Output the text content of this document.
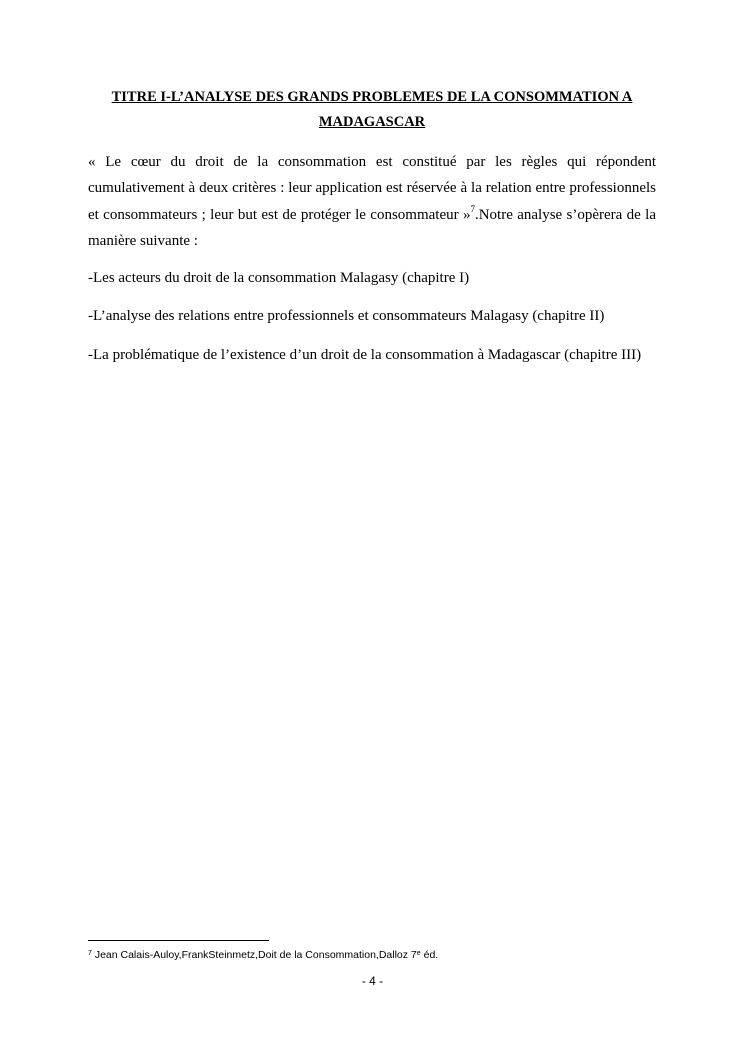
TITRE I-L’ANALYSE DES GRANDS PROBLEMES DE LA CONSOMMATION A MADAGASCAR

« Le cœur du droit de la consommation est constitué par les règles qui répondent cumulativement à deux critères : leur application est réservée à la relation entre professionnels et consommateurs ; leur but est de protéger le consommateur »$^7$.Notre analyse s’opèrera de la manière suivante :

-Les acteurs du droit de la consommation Malagasy (chapitre I)
-L’analyse des relations entre professionnels et consommateurs Malagasy (chapitre II)
-La problématique de l’existence d’un droit de la consommation à Madagascar (chapitre III)
$^7$ Jean Calais-Auloy,FrankSteinmetz,Doit de la Consommation,Dalloz 7e éd.
- 4 -
